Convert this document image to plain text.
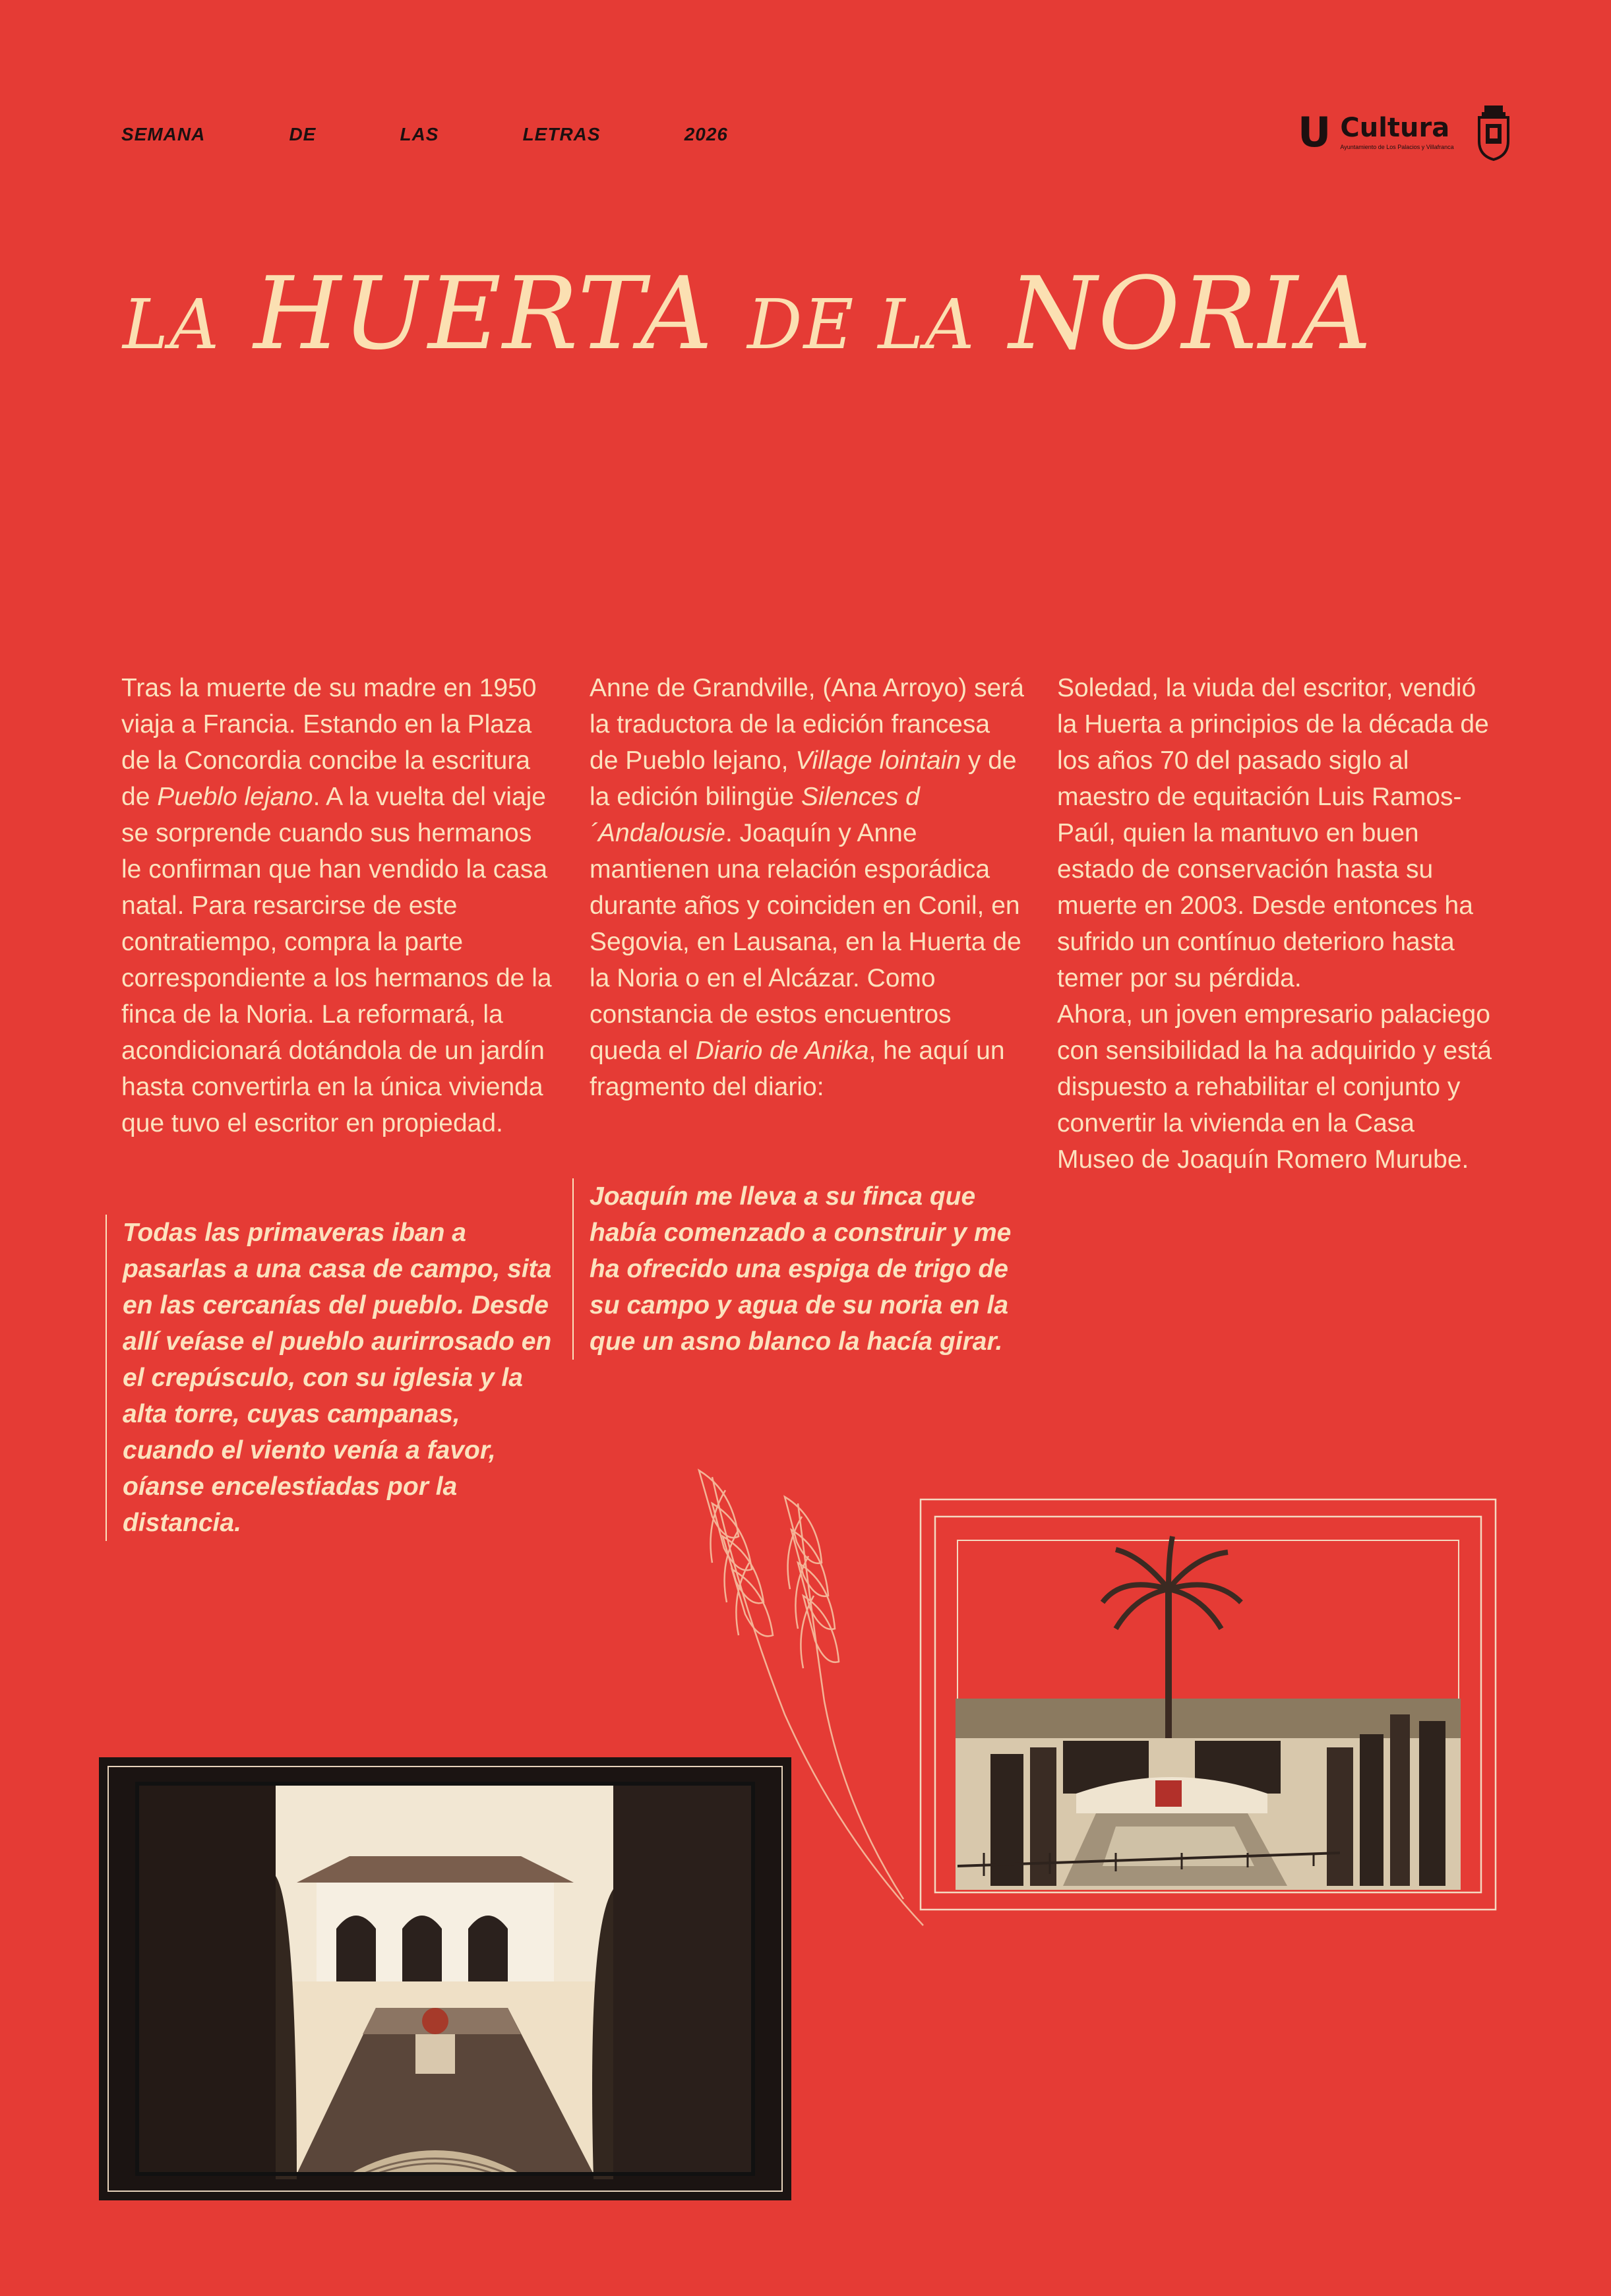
SEMANA	DE	LAS	LETRAS	2026	U Cultura
Ayuntamiento de Los Palacios y Villafranca
LA HUERTA DE LA NORIA

Tras la muerte de su madre en 1950 viaja a Francia. Estando en la Plaza de la Concordia concibe la escritura de Pueblo lejano. A la vuelta del viaje se sorprende cuando sus hermanos le confirman que han vendido la casa natal. Para resarcirse de este contratiempo, compra la parte correspondiente a los hermanos de la finca de la Noria. La reformará, la acondicionará dotándola de un jardín hasta convertirla en la única vivienda que tuvo el escritor en propiedad.

Todas las primaveras iban a pasarlas a una casa de campo, sita en las cercanías del pueblo. Desde allí veíase el pueblo aurirrosado en el crepúsculo, con su iglesia y la alta torre, cuyas campanas, cuando el viento venía a favor, oíanse encelestiadas por la distancia.

Anne de Grandville, (Ana Arroyo) será la traductora de la edición francesa de Pueblo lejano, Village lointain y de la edición bilingüe Silences d´Andalousie. Joaquín y Anne mantienen una relación esporádica durante años y coinciden en Conil, en Segovia, en Lausana, en la Huerta de la Noria o en el Alcázar. Como constancia de estos encuentros queda el Diario de Anika, he aquí un fragmento del diario:

Joaquín me lleva a su finca que había comenzado a construir y me ha ofrecido una espiga de trigo de su campo y agua de su noria en la que un asno blanco la hacía girar.

Soledad, la viuda del escritor, vendió la Huerta a principios de la década de los años 70 del pasado siglo al maestro de equitación Luis Ramos- Paúl, quien la mantuvo en buen estado de conservación hasta su muerte en 2003. Desde entonces ha sufrido un contínuo deterioro hasta temer por su pérdida.

Ahora, un joven empresario palaciego con sensibilidad la ha adquirido y está dispuesto a rehabilitar el conjunto y convertir la vivienda en la Casa Museo de Joaquín Romero Murube.
